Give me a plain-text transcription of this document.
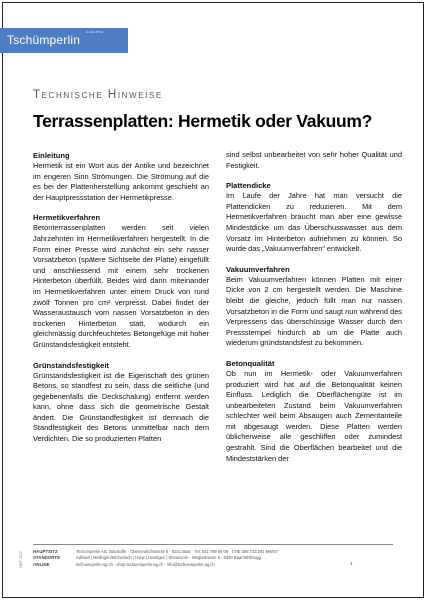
Tschümperlin
GARANTIE
Technische Hinweise
Terrassenplatten: Hermetik oder Vakuum?
Einleitung

Hermetik ist ein Wort aus der Antike und bezeichnet im engeren Sinn Strömungen. Die Strömung auf die es bei der Plattenherstellung ankommt geschieht an der Hauptpressstation der Hermetikpresse.

Hermetikverfahren

Betonterrassenplatten werden seit vielen Jahrzehnten im Hermetikverfahren hergestellt. In die Form einer Presse wird zunächst ein sehr nasser Vorsatzbeton (spätere Sichtseite der Platte) eingefüllt und anschliessend mit einem sehr trockenen Hinterbeton überfüllt. Beides wird dann miteinander im Hermetikverfahren unter einem Druck von rund zwölf Tonnen pro cm² verpresst. Dabei findet der Wasseraustausch vom nassen Vorsatzbeton in den trockenen Hinterbeton statt, wodurch ein gleichmässig durchfeuchtetes Betongefüge mit hoher Grünstandsfestigkeit entsteht.

Grünstandsfestigkeit

Grünstandsfestigkeit ist die Eigenschaft des grünen Betons, so standfest zu sein, dass die seitliche (und gegebenenfalls die Deckschalung) entfernt werden kann, ohne dass sich die geometrische Gestalt ändert. Die Grünstandfestigkeit ist demnach die Standfestigkeit des Betons unmittelbar nach dem Verdichten. Die so produzierten Platten

sind selbst unbearbeitet von sehr hoher Qualität und Festigkeit.

Plattendicke

Im Laufe der Jahre hat man versucht die Plattendicken zu reduzieren. Mit dem Hermetikverfahren braucht man aber eine gewisse Mindestdicke um das Überschusswasser aus dem Vorsatz im Hinterbeton aufnehmen zu können. So wurde das „Vakuumverfahren“ entwickelt.

Vakuumverfahren

Beim Vakuumverfahren können Platten mit einer Dicke von 2 cm hergestellt werden. Die Maschine bleibt die gleiche, jedoch füllt man nur nassen Vorsatzbeton in die Form und saugt nun während des Verpressens das überschüssige Wasser durch den Pressstempel hindurch ab um die Platte auch wiederum gründstandsfest zu bekommen.

Betonqualität

Ob nun im Hermetik- oder Vakuumverfahren produziert wird hat auf die Betonqualität keinen Einfluss. Lediglich die Oberflächengüte ist im unbearbeiteten Zustand beim Vakuumverfahren schlechter weil beim Absaugen auch Zementanteile mit abgesaugt werden. Diese Platten werden üblicherweise alle geschliffen oder zumindest gestrahlt. Sind die Oberflächen bearbeitet und die Mindeststärken der

GEF 2011 HAUPTSITZ
STANDORTE
ONLINE
Tschümperlin AG, Baustoffe · Oberneuhofstrasse 5 · 6341 Baar · Tel. 041 769 09 09 · CHE-386.723.281 MWST
Adliswil | Mellingen/Kilchenach | Horw | Lüssligen | Showroom · Stegiostrasse 5 · 6340 Baar/Sihlbrugg
tschuemperlin-ag.ch · shop.tschuemperlin-ag.ch · info@tschuemperlin-ag.ch	1
